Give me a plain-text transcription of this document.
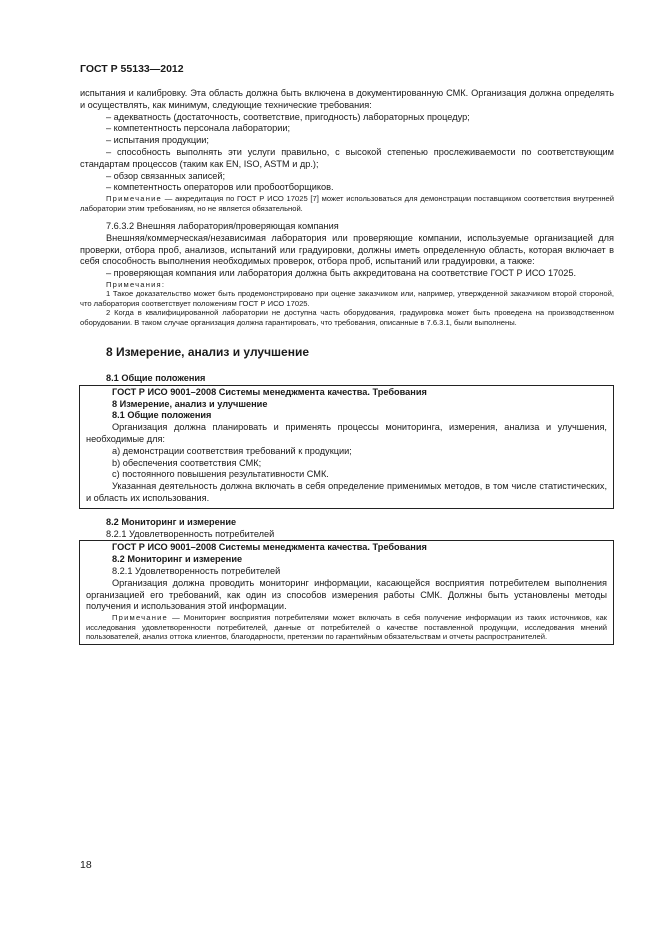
ГОСТ Р 55133—2012

испытания и калибровку. Эта область должна быть включена в документированную СМК. Организация должна определять и осуществлять, как минимум, следующие технические требования:

– адекватность (достаточность, соответствие, пригодность) лабораторных процедур;

– компетентность персонала лаборатории;

– испытания продукции;

– способность выполнять эти услуги правильно, с высокой степенью прослеживаемости по соответствующим стандартам процессов (таким как EN, ISO, ASTM и др.);

– обзор связанных записей;

– компетентность операторов или пробоотборщиков.

Примечание — аккредитация по ГОСТ Р ИСО 17025 [7] может использоваться для демонстрации поставщиком соответствия внутренней лаборатории этим требованиям, но не является обязательной.

7.6.3.2 Внешняя лаборатория/проверяющая компания

Внешняя/коммерческая/независимая лаборатория или проверяющие компании, используемые организацией для проверки, отбора проб, анализов, испытаний или градуировки, должны иметь определенную область, которая включает в себя способность выполнения необходимых проверок, отбора проб, испытаний или градуировки, а также:

– проверяющая компания или лаборатория должна быть аккредитована на соответствие ГОСТ Р ИСО 17025.

Примечания:

1 Такое доказательство может быть продемонстрировано при оценке заказчиком или, например, утвержденной заказчиком второй стороной, что лаборатория соответствует положениям ГОСТ Р ИСО 17025.

2 Когда в квалифицированной лаборатории не доступна часть оборудования, градуировка может быть проведена на производственном оборудовании. В таком случае организация должна гарантировать, что требования, описанные в 7.6.3.1, были выполнены.

8 Измерение, анализ и улучшение
8.1 Общие положения

ГОСТ Р ИСО 9001–2008 Системы менеджмента качества. Требования

8 Измерение, анализ и улучшение

8.1 Общие положения

Организация должна планировать и применять процессы мониторинга, измерения, анализа и улучшения, необходимые для:

a) демонстрации соответствия требований к продукции;

b) обеспечения соответствия СМК;

c) постоянного повышения результативности СМК.

Указанная деятельность должна включать в себя определение применимых методов, в том числе статистических, и область их использования.

8.2 Мониторинг и измерение
8.2.1 Удовлетворенность потребителей

ГОСТ Р ИСО 9001–2008 Системы менеджмента качества. Требования

8.2 Мониторинг и измерение

8.2.1 Удовлетворенность потребителей

Организация должна проводить мониторинг информации, касающейся восприятия потребителем выполнения организацией его требований, как один из способов измерения работы СМК. Должны быть установлены методы получения и использования этой информации.

Примечание — Мониторинг восприятия потребителями может включать в себя получение информации из таких источников, как исследования удовлетворенности потребителей, данные от потребителей о качестве поставленной продукции, исследования мнений пользователей, анализ оттока клиентов, благодарности, претензии по гарантийным обязательствам и отчеты распространителей.

18
